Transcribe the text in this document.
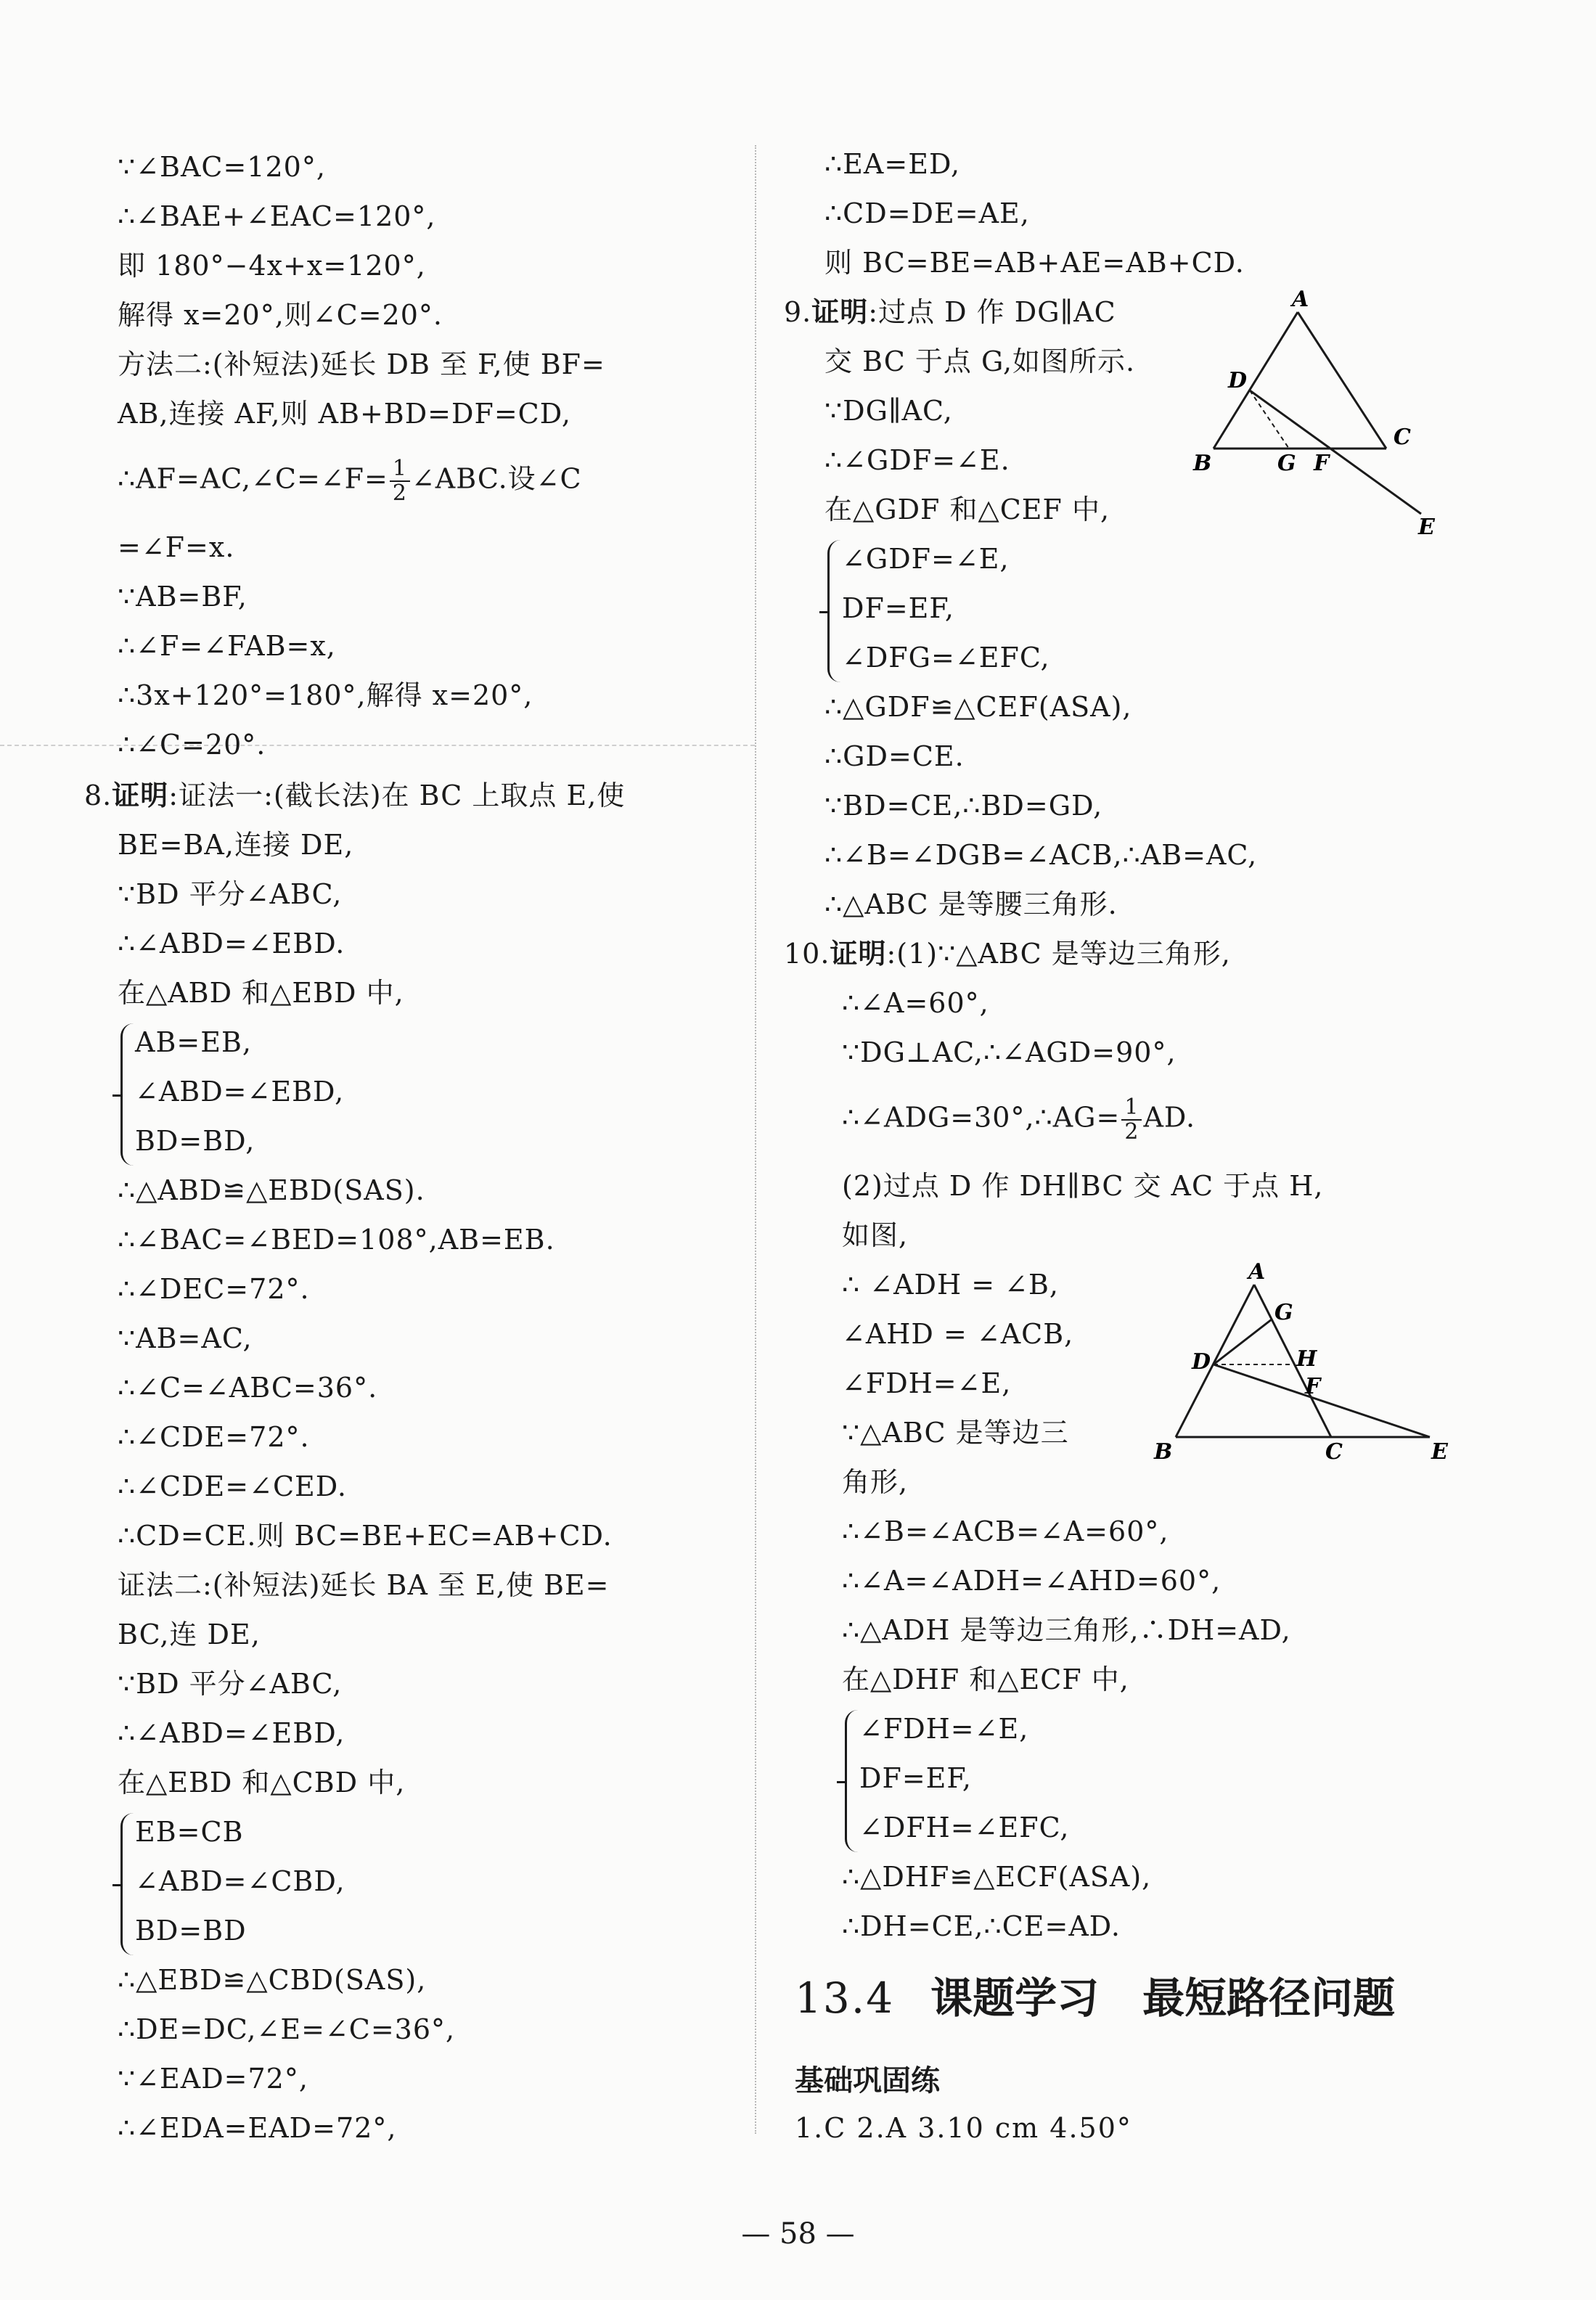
∵∠BAC=120°,
∴∠BAE+∠EAC=120°,
即 180°−4x+x=120°,
解得 x=20°,则∠C=20°.
方法二:(补短法)延长 DB 至 F,使 BF=
AB,连接 AF,则 AB+BD=DF=CD,
∴AF=AC,∠C=∠F= $\frac{1}{2}$ ∠ABC.设∠C
=∠F=x.
∵AB=BF,
∴∠F=∠FAB=x,
∴3x+120°=180°,解得 x=20°,
∴∠C=20°.
8.证明:证法一:(截长法)在 BC 上取点 E,使
BE=BA,连接 DE,
∵BD 平分∠ABC,
∴∠ABD=∠EBD.
在△ABD 和△EBD 中,
AB=EB,
∠ABD=∠EBD,
BD=BD,
∴△ABD≌△EBD(SAS).
∴∠BAC=∠BED=108°,AB=EB.
∴∠DEC=72°.
∵AB=AC,
∴∠C=∠ABC=36°.
∴∠CDE=72°.
∴∠CDE=∠CED.
∴CD=CE.则 BC=BE+EC=AB+CD.
证法二:(补短法)延长 BA 至 E,使 BE=
BC,连 DE,
∵BD 平分∠ABC,
∴∠ABD=∠EBD,
在△EBD 和△CBD 中,
EB=CB
∠ABD=∠CBD,
BD=BD
∴△EBD≌△CBD(SAS),
∴DE=DC,∠E=∠C=36°,
∵∠EAD=72°,
∴∠EDA=EAD=72°,
∴EA=ED,
∴CD=DE=AE,
则 BC=BE=AB+AE=AB+CD.
9.证明:过点 D 作 DG∥AC
交 BC 于点 G,如图所示.
∵DG∥AC,
∴∠GDF=∠E.
在△GDF 和△CEF 中,
∠GDF=∠E,
DF=EF,
∠DFG=∠EFC,
∴△GDF≌△CEF(ASA),
∴GD=CE.
∵BD=CE,∴BD=GD,
∴∠B=∠DGB=∠ACB,∴AB=AC,
∴△ABC 是等腰三角形.
10.证明:(1)∵△ABC 是等边三角形,
∴∠A=60°,
∵DG⊥AC,∴∠AGD=90°,
∴∠ADG=30°,∴AG= $\frac{1}{2}$ AD.
(2)过点 D 作 DH∥BC 交 AC 于点 H,
如图,
∴ ∠ADH = ∠B,
∠AHD = ∠ACB,
∠FDH=∠E,
∵△ABC 是等边三
角形,
∴∠B=∠ACB=∠A=60°,
∴∠A=∠ADH=∠AHD=60°,
∴△ADH 是等边三角形,∴DH=AD,
在△DHF 和△ECF 中,
∠FDH=∠E,
DF=EF,
∠DFH=∠EFC,
∴△DHF≌△ECF(ASA),
∴DH=CE,∴CE=AD.
A
B
C
D
E
F
G
A
B	C
D
E
F
G
H
13.4 课题学习 最短路径问题
基础巩固练
1.C 2.A 3.10 cm 4.50°
— 58 —
